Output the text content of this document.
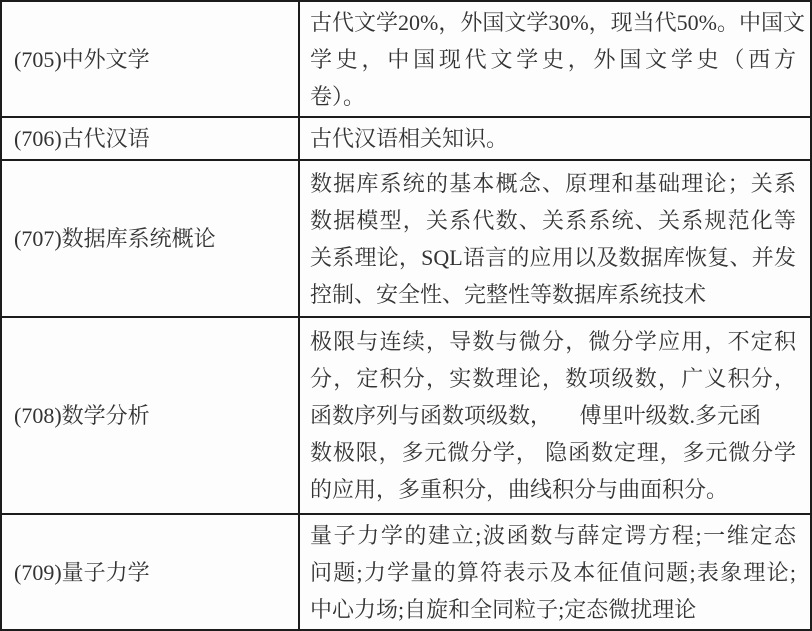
(705)中外文学
古代文学20%，外国文学30%，现当代50%。中国文
学史，中国现代文学史，外国文学史（西方
卷）。
(706)古代汉语	古代汉语相关知识。
(707)数据库系统概论
数据库系统的基本概念、原理和基础理论；关系
数据模型，关系代数、关系系统、关系规范化等
关系理论，SQL语言的应用以及数据库恢复、并发
控制、安全性、完整性等数据库系统技术
(708)数学分析
极限与连续，导数与微分，微分学应用，不定积
分，定积分，实数理论，数项级数，广义积分，
函数序列与函数项级数，     傅里叶级数.多元函
数极限，多元微分学， 隐函数定理，多元微分学
的应用，多重积分，曲线积分与曲面积分。
(709)量子力学
量子力学的建立;波函数与薛定谔方程;一维定态
问题;力学量的算符表示及本征值问题;表象理论;
中心力场;自旋和全同粒子;定态微扰理论
